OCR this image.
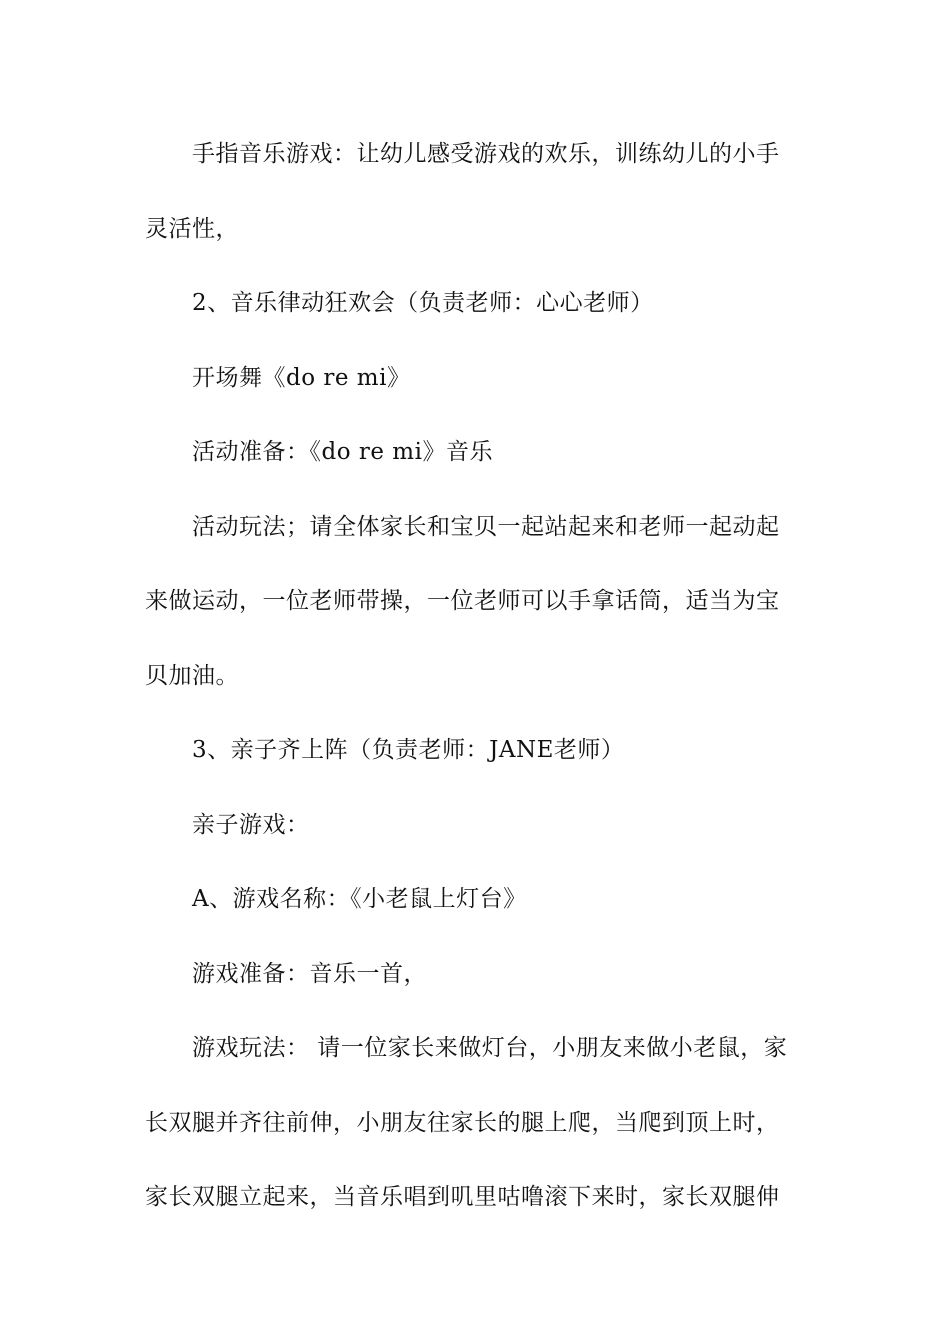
手指音乐游戏：让幼儿感受游戏的欢乐，训练幼儿的小手
灵活性，
2、音乐律动狂欢会（负责老师：心心老师）
开场舞《do re mi》
活动准备：《do re mi》音乐
活动玩法；请全体家长和宝贝一起站起来和老师一起动起
来做运动，一位老师带操，一位老师可以手拿话筒，适当为宝
贝加油。
3、亲子齐上阵（负责老师：JANE老师）
亲子游戏：
A、游戏名称：《小老鼠上灯台》
游戏准备：音乐一首，
游戏玩法： 请一位家长来做灯台，小朋友来做小老鼠，家
长双腿并齐往前伸，小朋友往家长的腿上爬，当爬到顶上时，
家长双腿立起来，当音乐唱到叽里咕噜滚下来时，家长双腿伸
